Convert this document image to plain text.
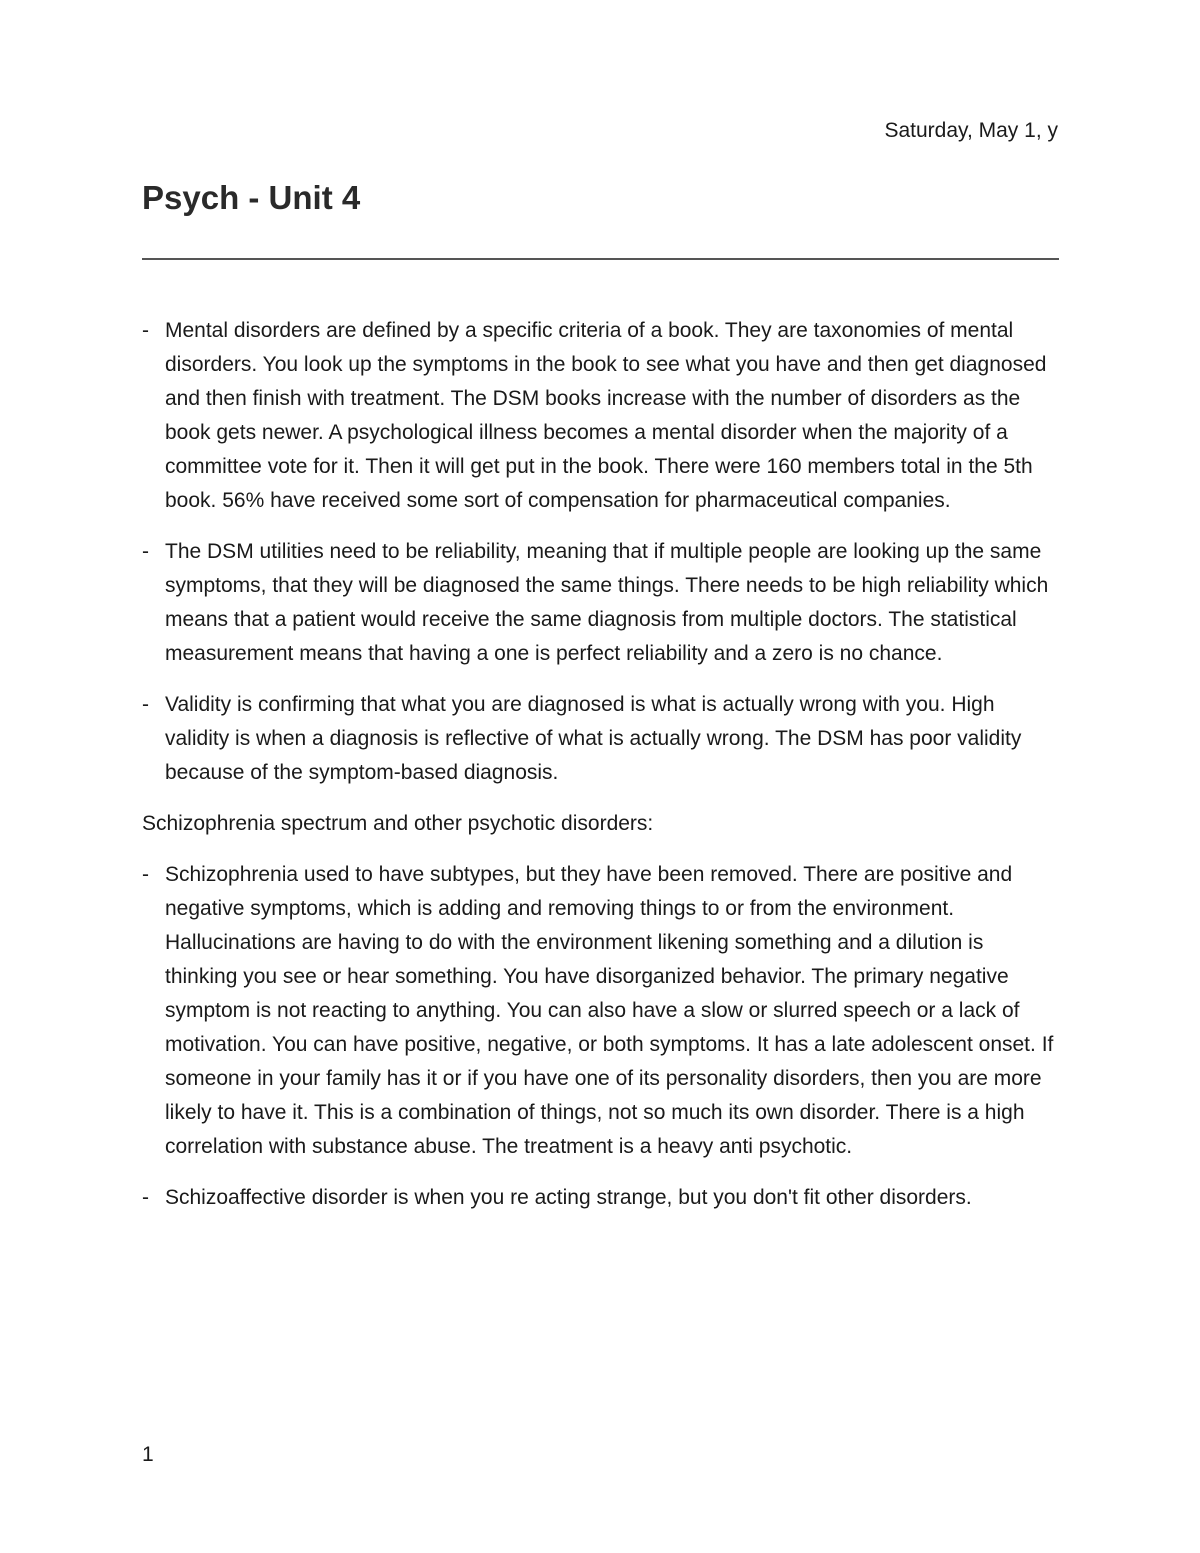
Saturday, May 1, y
Psych - Unit 4
- Mental disorders are defined by a specific criteria of a book. They are taxonomies of mental disorders. You look up the symptoms in the book to see what you have and then get diagnosed and then finish with treatment. The DSM books increase with the number of disorders as the book gets newer. A psychological illness becomes a mental disorder when the majority of a committee vote for it. Then it will get put in the book. There were 160 members total in the 5th book. 56% have received some sort of compensation for pharmaceutical companies.
- The DSM utilities need to be reliability, meaning that if multiple people are looking up the same symptoms, that they will be diagnosed the same things. There needs to be high reliability which means that a patient would receive the same diagnosis from multiple doctors. The statistical measurement means that having a one is perfect reliability and a zero is no chance.
- Validity is confirming that what you are diagnosed is what is actually wrong with you. High validity is when a diagnosis is reflective of what is actually wrong. The DSM has poor validity because of the symptom-based diagnosis.

Schizophrenia spectrum and other psychotic disorders:

- Schizophrenia used to have subtypes, but they have been removed. There are positive and negative symptoms, which is adding and removing things to or from the environment. Hallucinations are having to do with the environment likening something and a dilution is thinking you see or hear something. You have disorganized behavior. The primary negative symptom is not reacting to anything. You can also have a slow or slurred speech or a lack of motivation. You can have positive, negative, or both symptoms. It has a late adolescent onset. If someone in your family has it or if you have one of its personality disorders, then you are more likely to have it. This is a combination of things, not so much its own disorder. There is a high correlation with substance abuse. The treatment is a heavy anti psychotic.
- Schizoaffective disorder is when you re acting strange, but you don't fit other disorders.
1
